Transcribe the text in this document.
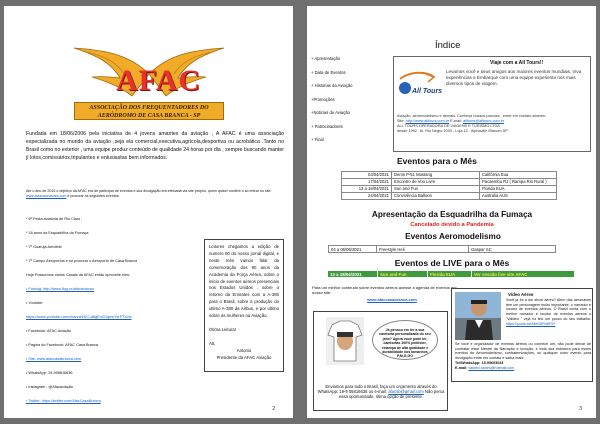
AFAC
ASSOCIAÇÃO DOS FREQUENTADORES DO AERÓDROMO DE CASA BRANCA - SP

Fundada em 18/06/2006 pela iniciativa de 4 jovens amantes da aviação , A AFAC é uma associação especializada no mundo da aviação ,seja ela comercial,executiva,agrícola,desportiva ou acrobática .Tanto no Brasil como no exterior , uma equipe produz conteúdo de qualidade 24 horas por dia , sempre buscando manter jí lotos,comissários,tripulantes e entusiastas bem informados.

Ate o ano de 2015 o objetivo da AFAC era de participar de eventos e sua divulgação era efetuada via site próprio, quem quiser conferir o só entrar no site: www.aviacaoeafcsbr.com e procurar os seguintes eventos:

* 6º Festa aviatória de Rio Claro ;
* 16 anos da Esquadrilha da Fumaça
* 7º Guarujá Aerofest
* 7º Campo Aeroportos e só procurar o Aeroporto de Casa Branca
Hoje Possuímos vários Canais da AFAC então aproveite eles:
• Fotolog: http://www.flog.cc/afacaviacao
• Youtube:
https://www.youtube.com/channel/UC-dBgEnZGqewYkrFTXvw
• Facebook: AFAC Aviação
• Pagina do Facebook: AFAC Casa Branca
• Site: www.afaccasabranca.com
• WhatsApp: 19-998816636
• Instagram : @Afacaviação
• Twitter: https://twitter.com/AfacCasaBranca

Leitores chegamos a edição de numero 80 do nosso jornal digital, e neste mês vamos falar da comemoração dos 80 anos da Academia da Força Aérea, sobre o início de eventos aéreos presenciais nos Estados Unidos , sobre o retorno da Emirates com a A-380 para o Brasil, sobre a produção do ultimo A-380 da Airbus, e por ultimo sobre as mulheres na Aviação.

Ótima Leitura!

Att,

Antonio

Presidente da AFAC Aviação

2
Índice
+ Apresentação
+ Data de Eventos
+ Historias da Aviação
+Promoções
+Noticias de Aviação
+ Patrocinadores
+ Final
Viaje com a All Tours!!
All Tours

Levamos você e seus amigos aos maiores eventos mundiais. Viva experiências e Embarque com uma equipe experiente nos mais diversos tipos de viagem.

Aviação, aeromodelismo e demais. Conheça nossos pacotes , entre em contato através:
Site: http://www.alltours.com.br E-mail: alltours@alltours.com.br
ALL TOURS OPERADORA DE VIAGENS E TURISMO LTDA
desde 1992 . Al. Rio Negro 1030 - Loja 12 - Alphaville /Barueri-SP
Eventos para o Mês
03/04/2021	Dems P-51 Mustang	Califórnia Eua
17/04/2021	Encontro de Voo Livre	Pacaembu RJ ( Rampa Rio Rural )
13 a 18/04/2021	Sun and Fun	Florida EUA
24/04/2021	Convivência Balloon	Australia AUS
Apresentação da Esquadrilha da Fumaça
Cancelado devido a Pandemia
Eventos Aeromodelismo
04 a 06/06/2021	Freestyle Heli	Gaspar SC
Eventos de LIVE para o Mês
13 a 18/04/2021	Sun and Fun	Florida EUA	Ver sessão live site AFAC
Para um melhor conteúdo sobre eventos aéreos acesse a agenda de eventos em nosso site:
www.afaccasabranca.com
Já pensou em ter a sua camiseta personalizada do seu jeito? Agora você pode ter, camisetas 100% poliéster, estampa de alta qualidade e durabilidade nos tamanhos P,M,G,GG
Enviamos para todo o Brasil, faça um orçamento através do WhatsApp: 19-9 05816636 ou e-mail: afacsb@gmail.com Não perca essa oportunidade, ótima opção de presente.
Vídeo Aéreo
Você já foi a um show aéreo? Além das aeronaves tem um personagem muito importante, o narrador e locutor de eventos aéreos. O Brasil conta com o melhor narrador e locutor de eventos aéreos o "Valdeci " veja no link um pouco do seu trabalho: https://youtu.be/MeD5R4ltF3Y
Se você é organizador de eventos aéreos ou conhece um, não pode deixar de contratar esse Mestre da Narração e locução, e toda sua estrutura para esses eventos de Aeromodelismo, confraternizações, ou qualquer outro evento para divulgação entre em contato e saiba mais:
Tel/WhatsApp: 15-99693033
E-mail: valdeci.sanes@hotmail.com
3
